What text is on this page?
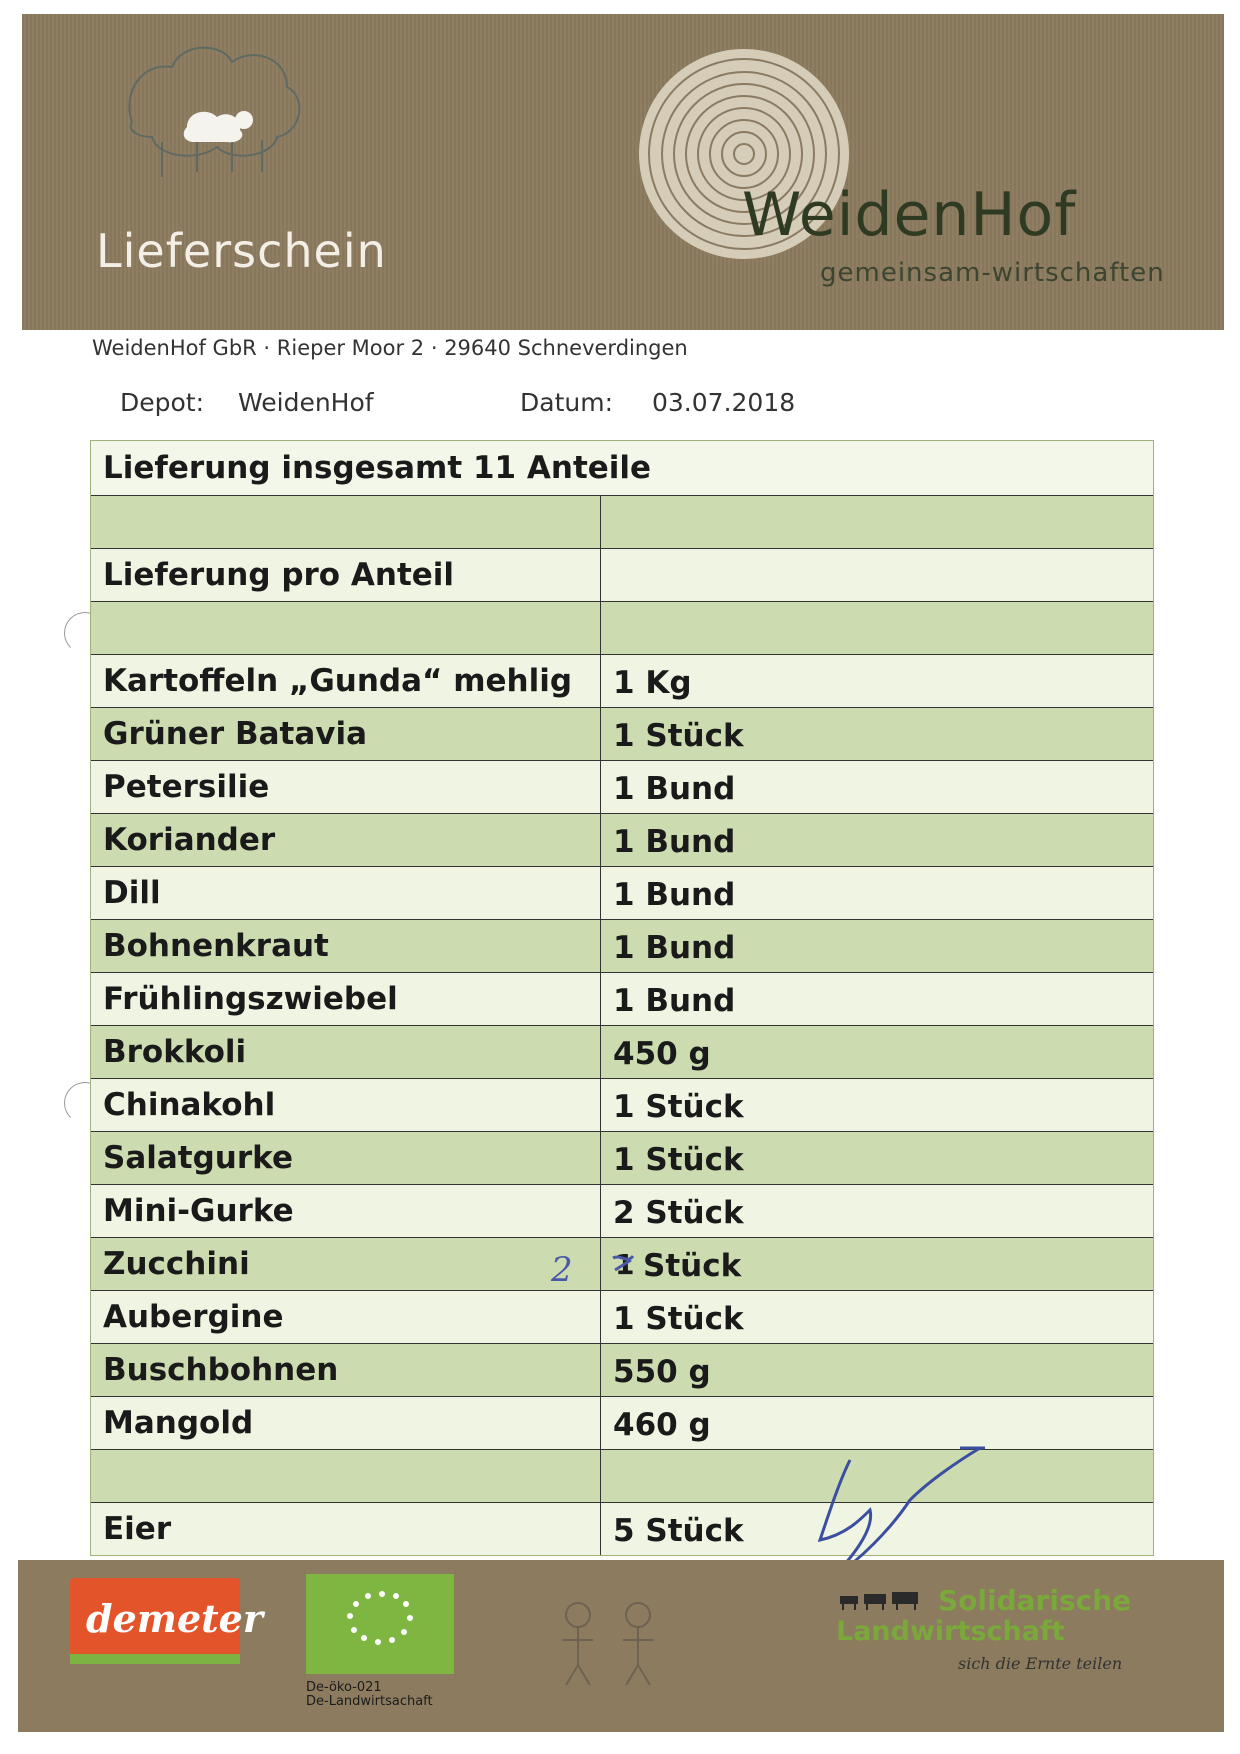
Lieferschein
WeidenHof
gemeinsam-wirtschaften
WeidenHof GbR · Rieper Moor 2 · 29640 Schneverdingen
Depot: WeidenHof	Datum: 03.07.2018
Lieferung insgesamt 11 Anteile
Lieferung pro Anteil
Kartoffeln „Gunda“ mehlig	1 Kg
Grüner Batavia	1 Stück
Petersilie	1 Bund
Koriander	1 Bund
Dill	1 Bund
Bohnenkraut	1 Bund
Frühlingszwiebel	1 Bund
Brokkoli	450 g
Chinakohl	1 Stück
Salatgurke	1 Stück
Mini-Gurke	2 Stück
Zucchini	2 1 Stück
Aubergine	1 Stück
Buschbohnen	550 g
Mangold	460 g
Eier	5 Stück
demeter
De-öko-021
De-Landwirtsachaft
Solidarische
Landwirtschaft
sich die Ernte teilen
